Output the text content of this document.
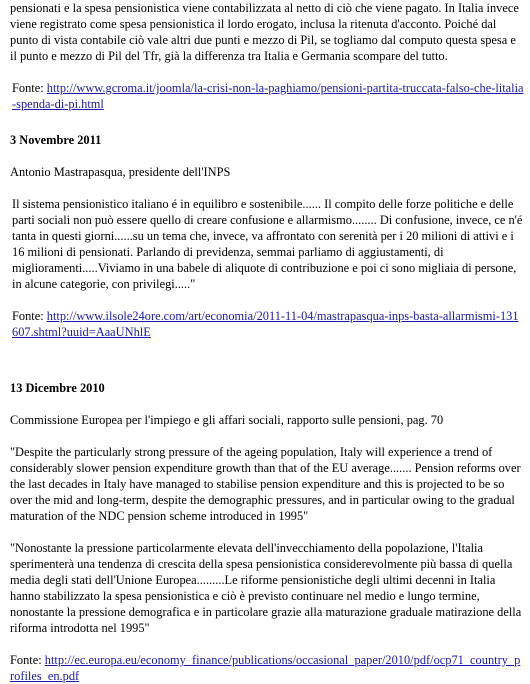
pensionati e la spesa pensionistica viene contabilizzata al netto di ciò che viene pagato. In Italia invece viene registrato come spesa pensionistica il lordo erogato, inclusa la ritenuta d'acconto. Poiché dal punto di vista contabile ciò vale altri due punti e mezzo di Pil, se togliamo dal computo questa spesa e il punto e mezzo di Pil del Tfr, già la differenza tra Italia e Germania scompare del tutto.

Fonte: http://www.gcroma.it/joomla/la-crisi-non-la-paghiamo/pensioni-partita-truccata-falso-che-litalia-spenda-di-pi.html

3 Novembre 2011

Antonio Mastrapasqua, presidente dell'INPS

Il sistema pensionistico italiano é in equilibro e sostenibile...... Il compito delle forze politiche e delle parti sociali non può essere quello di creare confusione e allarmismo........ Di confusione, invece, ce n'é tanta in questi giorni......su un tema che, invece, va affrontato con serenità per i 20 milioni di attivi e i 16 milioni di pensionati. Parlando di previdenza, semmai parliamo di aggiustamenti, di miglioramenti.....Viviamo in una babele di aliquote di contribuzione e poi ci sono migliaia di persone, in alcune categorie, con privilegi....."

Fonte: http://www.ilsole24ore.com/art/economia/2011-11-04/mastrapasqua-inps-basta-allarmismi-131607.shtml?uuid=AaaUNhlE

13 Dicembre 2010

Commissione Europea per l'impiego e gli affari sociali, rapporto sulle pensioni, pag. 70

"Despite the particularly strong pressure of the ageing population, Italy will experience a trend of considerably slower pension expenditure growth than that of the EU average....... Pension reforms over the last decades in Italy have managed to stabilise pension expenditure and this is projected to be so over the mid and long-term, despite the demographic pressures, and in particular owing to the gradual maturation of the NDC pension scheme introduced in 1995"

"Nonostante la pressione particolarmente elevata dell'invecchiamento della popolazione, l'Italia sperimenterà una tendenza di crescita della spesa pensionistica considerevolmente più bassa di quella media degli stati dell'Unione Europea.........Le riforme pensionistiche degli ultimi decenni in Italia hanno stabilizzato la spesa pensionistica e ciò è previsto continuare nel medio e lungo termine, nonostante la pressione demografica e in particolare grazie alla maturazione graduale matirazione della riforma introdotta nel 1995"

Fonte: http://ec.europa.eu/economy_finance/publications/occasional_paper/2010/pdf/ocp71_country_profiles_en.pdf
